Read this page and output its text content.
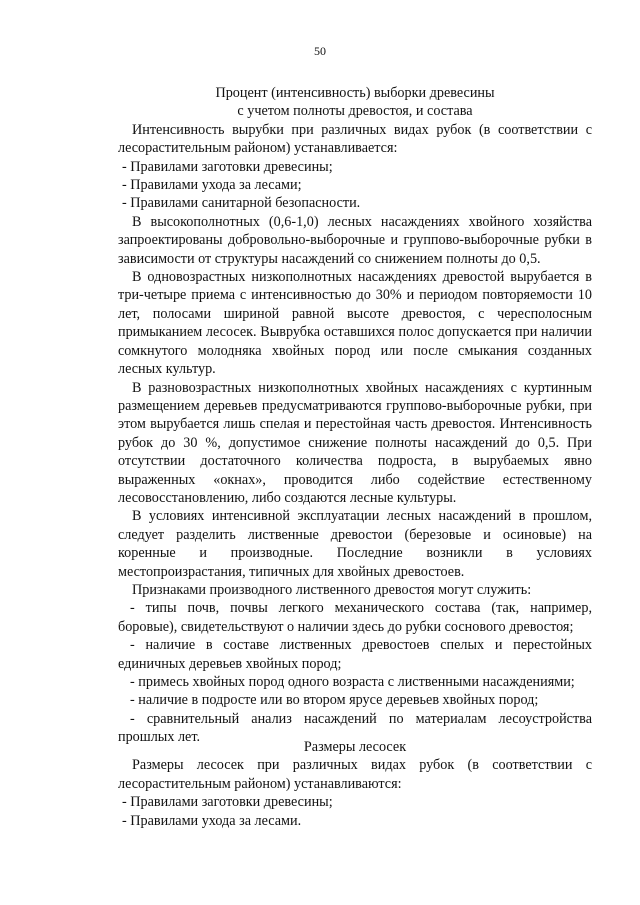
50
Процент (интенсивность) выборки древесины
с учетом полноты древостоя, и состава

Интенсивность вырубки при различных видах рубок (в соответствии с лесорастительным районом) устанавливается:

- Правилами заготовки древесины;
- Правилами ухода за лесами;
- Правилами санитарной безопасности.

В высокополнотных (0,6-1,0) лесных насаждениях хвойного хозяйства запроектированы добровольно-выборочные и группово-выборочные рубки в зависимости от структуры насаждений со снижением полноты до 0,5.

В одновозрастных низкополнотных насаждениях древостой вырубается в три-четыре приема с интенсивностью до 30% и периодом повторяемости 10 лет, полосами шириной равной высоте древостоя, с чересполосным примыканием лесосек. Выврубка оставшихся полос допускается при наличии сомкнутого молодняка хвойных пород или после смыкания созданных лесных культур.

В разновозрастных низкополнотных хвойных насаждениях с куртинным размещением деревьев предусматриваются группово-выборочные рубки, при этом вырубается лишь спелая и перестойная часть древостоя. Интенсивность рубок до 30 %, допустимое снижение полноты насаждений до 0,5. При отсутствии достаточного количества подроста, в вырубаемых явно выраженных «окнах», проводится либо содействие естественному лесовосстановлению, либо создаются лесные культуры.

В условиях интенсивной эксплуатации лесных насаждений в прошлом, следует разделить лиственные древостои (березовые и осиновые) на коренные и производные. Последние возникли в условиях местопроизрастания, типичных для хвойных древостоев.

Признаками производного лиственного древостоя могут служить:

- типы почв, почвы легкого механического состава (так, например, боровые), свидетельствуют о наличии здесь до рубки соснового древостоя;

- наличие в составе лиственных древостоев спелых и перестойных единичных деревьев хвойных пород;

- примесь хвойных пород одного возраста с лиственными насаждениями;

- наличие в подросте или во втором ярусе деревьев хвойных пород;

- сравнительный анализ насаждений по материалам лесоустройства прошлых лет.

Размеры лесосек

Размеры лесосек при различных видах рубок (в соответствии с лесорастительным районом) устанавливаются:

- Правилами заготовки древесины;
- Правилами ухода за лесами.
